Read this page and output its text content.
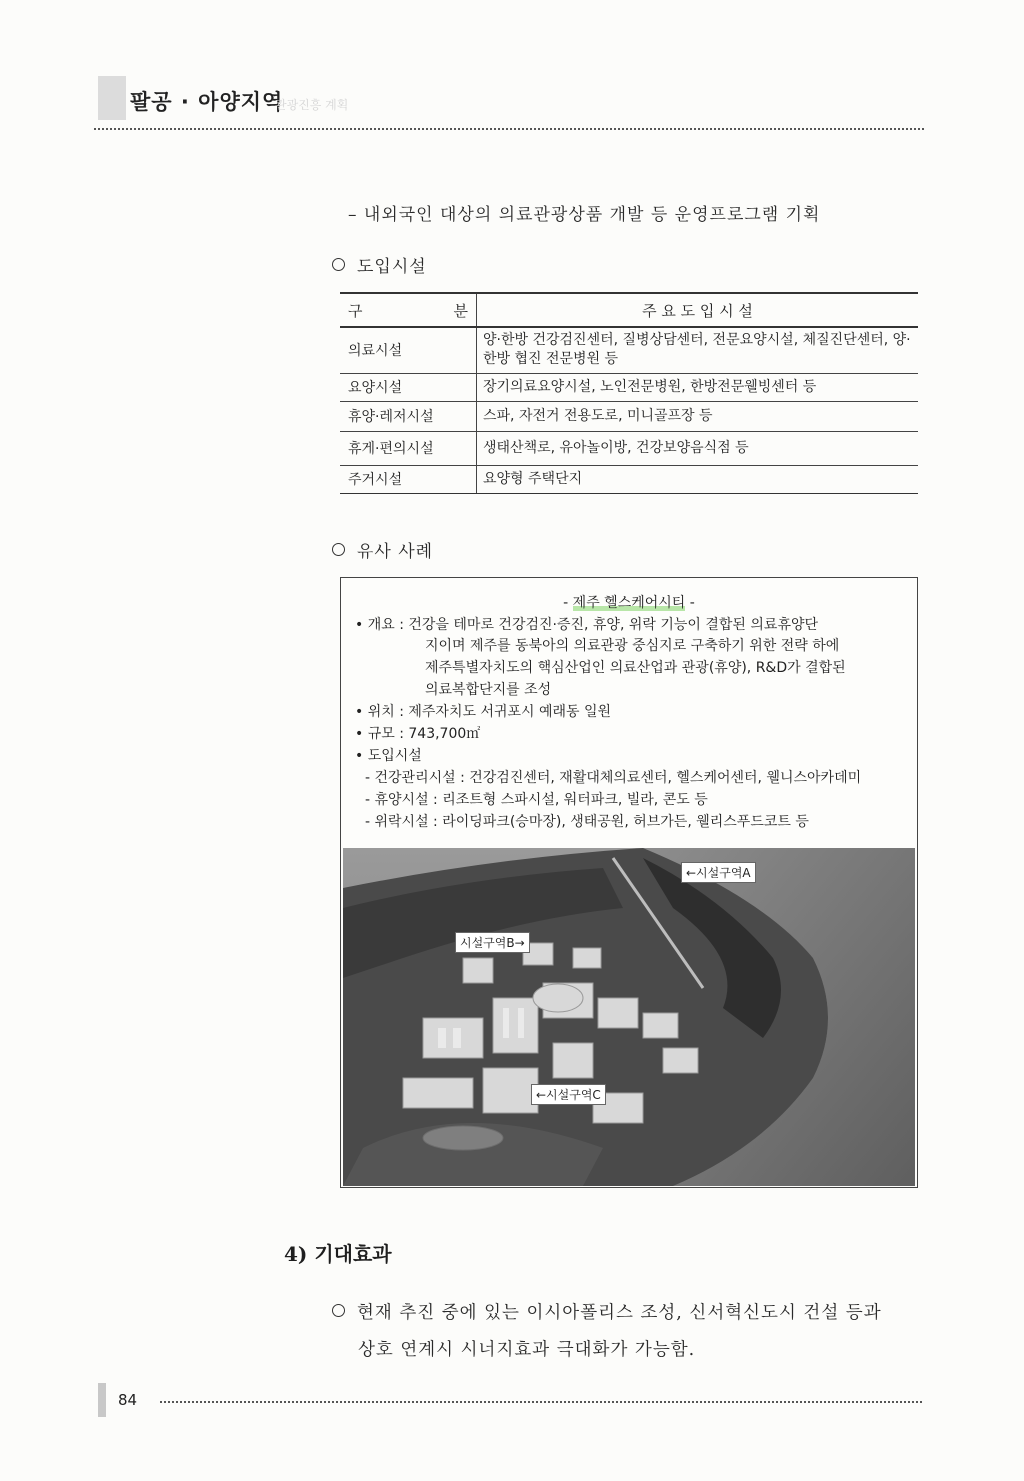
팔공 · 아양지역
관광진흥 계획
– 내외국인 대상의 의료관광상품 개발 등 운영프로그램 기획
도입시설
구 분	주 요 도 입 시 설
의료시설	양·한방 건강검진센터, 질병상담센터, 전문요양시설, 체질진단센터, 양·한방 협진 전문병원 등
요양시설	장기의료요양시설, 노인전문병원, 한방전문웰빙센터 등
휴양·레저시설	스파, 자전거 전용도로, 미니골프장 등
휴게·편의시설	생태산책로, 유아놀이방, 건강보양음식점 등
주거시설	요양형 주택단지
유사 사례
- 제주 헬스케어시티 -
• 개요 : 건강을 테마로 건강검진·증진, 휴양, 위락 기능이 결합된 의료휴양단
지이며 제주를 동북아의 의료관광 중심지로 구축하기 위한 전략 하에
제주특별자치도의 핵심산업인 의료산업과 관광(휴양), R&D가 결합된
의료복합단지를 조성
• 위치 : 제주자치도 서귀포시 예래동 일원
• 규모 : 743,700㎡
• 도입시설
- 건강관리시설 : 건강검진센터, 재활대체의료센터, 헬스케어센터, 웰니스아카데미
- 휴양시설 : 리조트형 스파시설, 워터파크, 빌라, 콘도 등
- 위락시설 : 라이딩파크(승마장), 생태공원, 허브가든, 웰리스푸드코트 등
←시설구역A
시설구역B→
←시설구역C
4) 기대효과
현재 추진 중에 있는 이시아폴리스 조성, 신서혁신도시 건설 등과
상호 연계시 시너지효과 극대화가 가능함.
84
